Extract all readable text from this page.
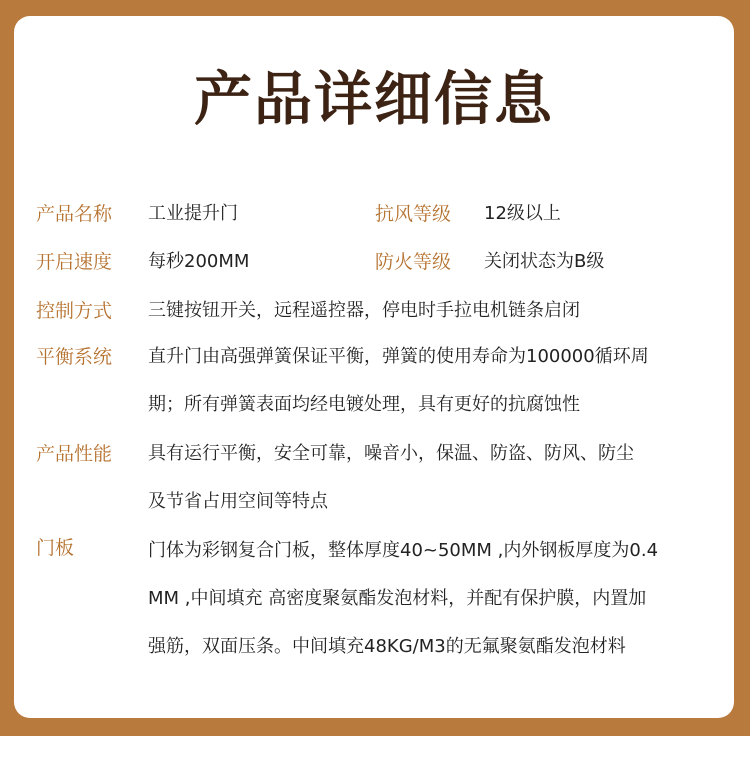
产品详细信息
产品名称 工业提升门	抗风等级 12级以上
开启速度 每秒200MM	防火等级 关闭状态为B级
控制方式 三键按钮开关，远程遥控器，停电时手拉电机链条启闭
平衡系统 直升门由高强弹簧保证平衡，弹簧的使用寿命为100000循环周
期；所有弹簧表面均经电镀处理，具有更好的抗腐蚀性
产品性能 具有运行平衡，安全可靠，噪音小，保温、防盗、防风、防尘
及节省占用空间等特点
门板	门体为彩钢复合门板，整体厚度40~50MM ,内外钢板厚度为0.4
MM ,中间填充 高密度聚氨酯发泡材料，并配有保护膜，内置加
强筋，双面压条。中间填充48KG/M3的无氟聚氨酯发泡材料
